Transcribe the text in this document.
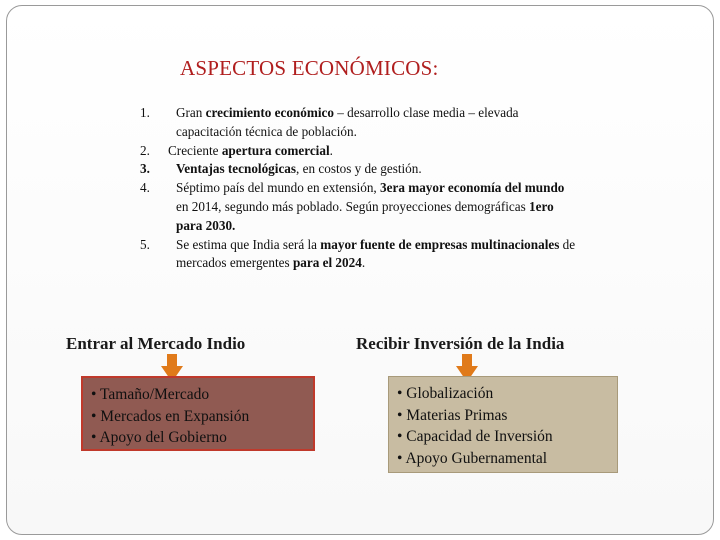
ASPECTOS ECONÓMICOS:
1.	Gran crecimiento económico – desarrollo clase media – elevada capacitación técnica de población.
2.	Creciente apertura comercial.
3.	Ventajas tecnológicas, en costos y de gestión.
4.	Séptimo país del mundo en extensión, 3era mayor economía del mundo en 2014, segundo más poblado. Según proyecciones demográficas 1ero para 2030.
5.	Se estima que India será la mayor fuente de empresas multinacionales de mercados emergentes para el 2024.
Entrar al Mercado Indio	Recibir Inversión de la India
• Tamaño/Mercado
• Mercados en Expansión
• Apoyo del Gobierno
• Globalización
• Materias Primas
• Capacidad de Inversión
• Apoyo Gubernamental
